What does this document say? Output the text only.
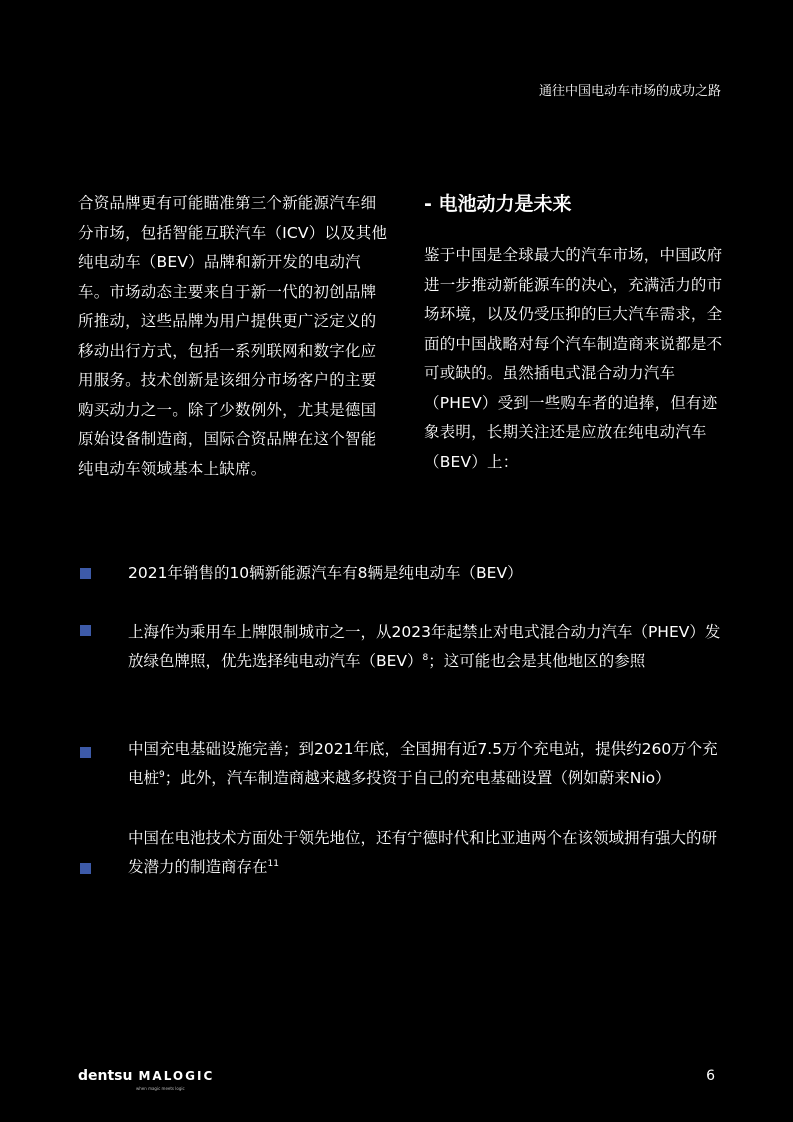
通往中国电动车市场的成功之路
合资品牌更有可能瞄准第三个新能源汽车细分市场，包括智能互联汽车（ICV）以及其他纯电动车（BEV）品牌和新开发的电动汽车。市场动态主要来自于新一代的初创品牌所推动，这些品牌为用户提供更广泛定义的移动出行方式，包括一系列联网和数字化应用服务。技术创新是该细分市场客户的主要购买动力之一。除了少数例外，尤其是德国原始设备制造商，国际合资品牌在这个智能纯电动车领域基本上缺席。
- 电池动力是未来
鉴于中国是全球最大的汽车市场，中国政府进一步推动新能源车的决心，充满活力的市场环境，以及仍受压抑的巨大汽车需求，全面的中国战略对每个汽车制造商来说都是不可或缺的。虽然插电式混合动力汽车（PHEV）受到一些购车者的追捧，但有迹象表明，长期关注还是应放在纯电动汽车（BEV）上：
2021年销售的10辆新能源汽车有8辆是纯电动车（BEV）
上海作为乘用车上牌限制城市之一，从2023年起禁止对电式混合动力汽车（PHEV）发放绿色牌照，优先选择纯电动汽车（BEV）$^8$；这可能也会是其他地区的参照
中国充电基础设施完善；到2021年底，全国拥有近7.5万个充电站，提供约260万个充电桩$^9$；此外，汽车制造商越来越多投资于自己的充电基础设置（例如蔚来Nio）
中国在电池技术方面处于领先地位，还有宁德时代和比亚迪两个在该领域拥有强大的研发潜力的制造商存在$^{11}$
dentsu MALOGIC
when magic meets logic
6
